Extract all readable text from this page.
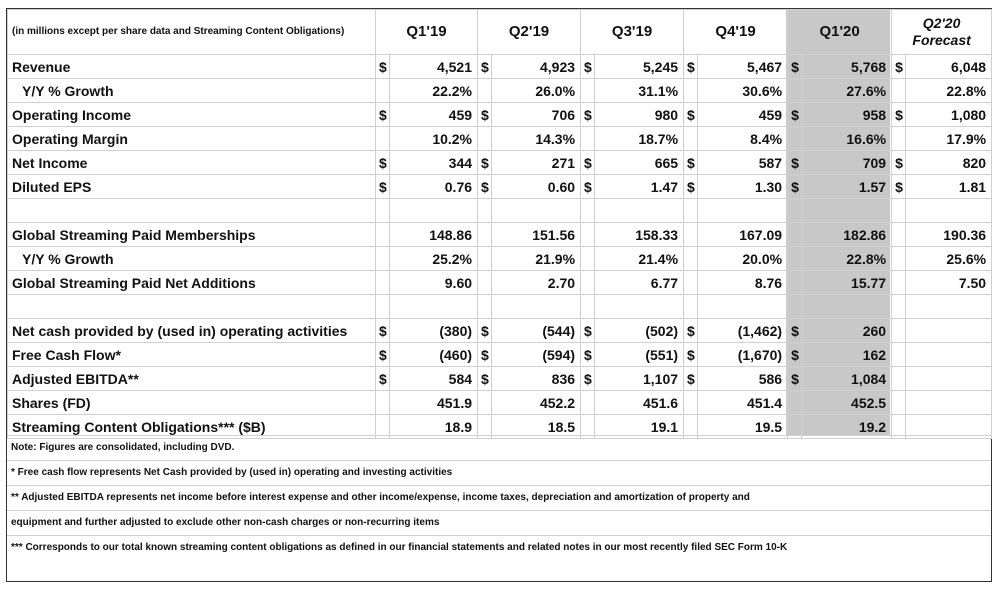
(in millions except per share data and Streaming Content Obligations)	Q1'19		Q2'19		Q3'19		Q4'19		Q1'20		Q2'20
Forecast	

Revenue	$	4,521	$	4,923	$	5,245	$	5,467	$	5,768	$	6,048
Y/Y % Growth		22.2%		26.0%		31.1%		30.6%		27.6%		22.8%
Operating Income	$	459	$	706	$	980	$	459	$	958	$	1,080
Operating Margin		10.2%		14.3%		18.7%		8.4%		16.6%		17.9%
Net Income	$	344	$	271	$	665	$	587	$	709	$	820
Diluted EPS	$	0.76	$	0.60	$	1.47	$	1.30	$	1.57	$	1.81

Global Streaming Paid Memberships		148.86		151.56		158.33		167.09		182.86		190.36
Y/Y % Growth		25.2%		21.9%		21.4%		20.0%		22.8%		25.6%
Global Streaming Paid Net Additions		9.60		2.70		6.77		8.76		15.77		7.50

Net cash provided by (used in) operating activities	$	(380)	$	(544)	$	(502)	$	(1,462)	$	260		
Free Cash Flow*	$	(460)	$	(594)	$	(551)	$	(1,670)	$	162		
Adjusted EBITDA**	$	584	$	836	$	1,107	$	586	$	1,084		
Shares (FD)		451.9		452.2		451.6		451.4		452.5		
Streaming Content Obligations*** ($B)		18.9		18.5		19.1		19.5		19.2		
Note: Figures are consolidated, including DVD.
* Free cash flow represents Net Cash provided by (used in) operating and investing activities
** Adjusted EBITDA represents net income before interest expense and other income/expense, income taxes, depreciation and amortization of property and
equipment and further adjusted to exclude other non-cash charges or non-recurring items
*** Corresponds to our total known streaming content obligations as defined in our financial statements and related notes in our most recently filed SEC Form 10-K
